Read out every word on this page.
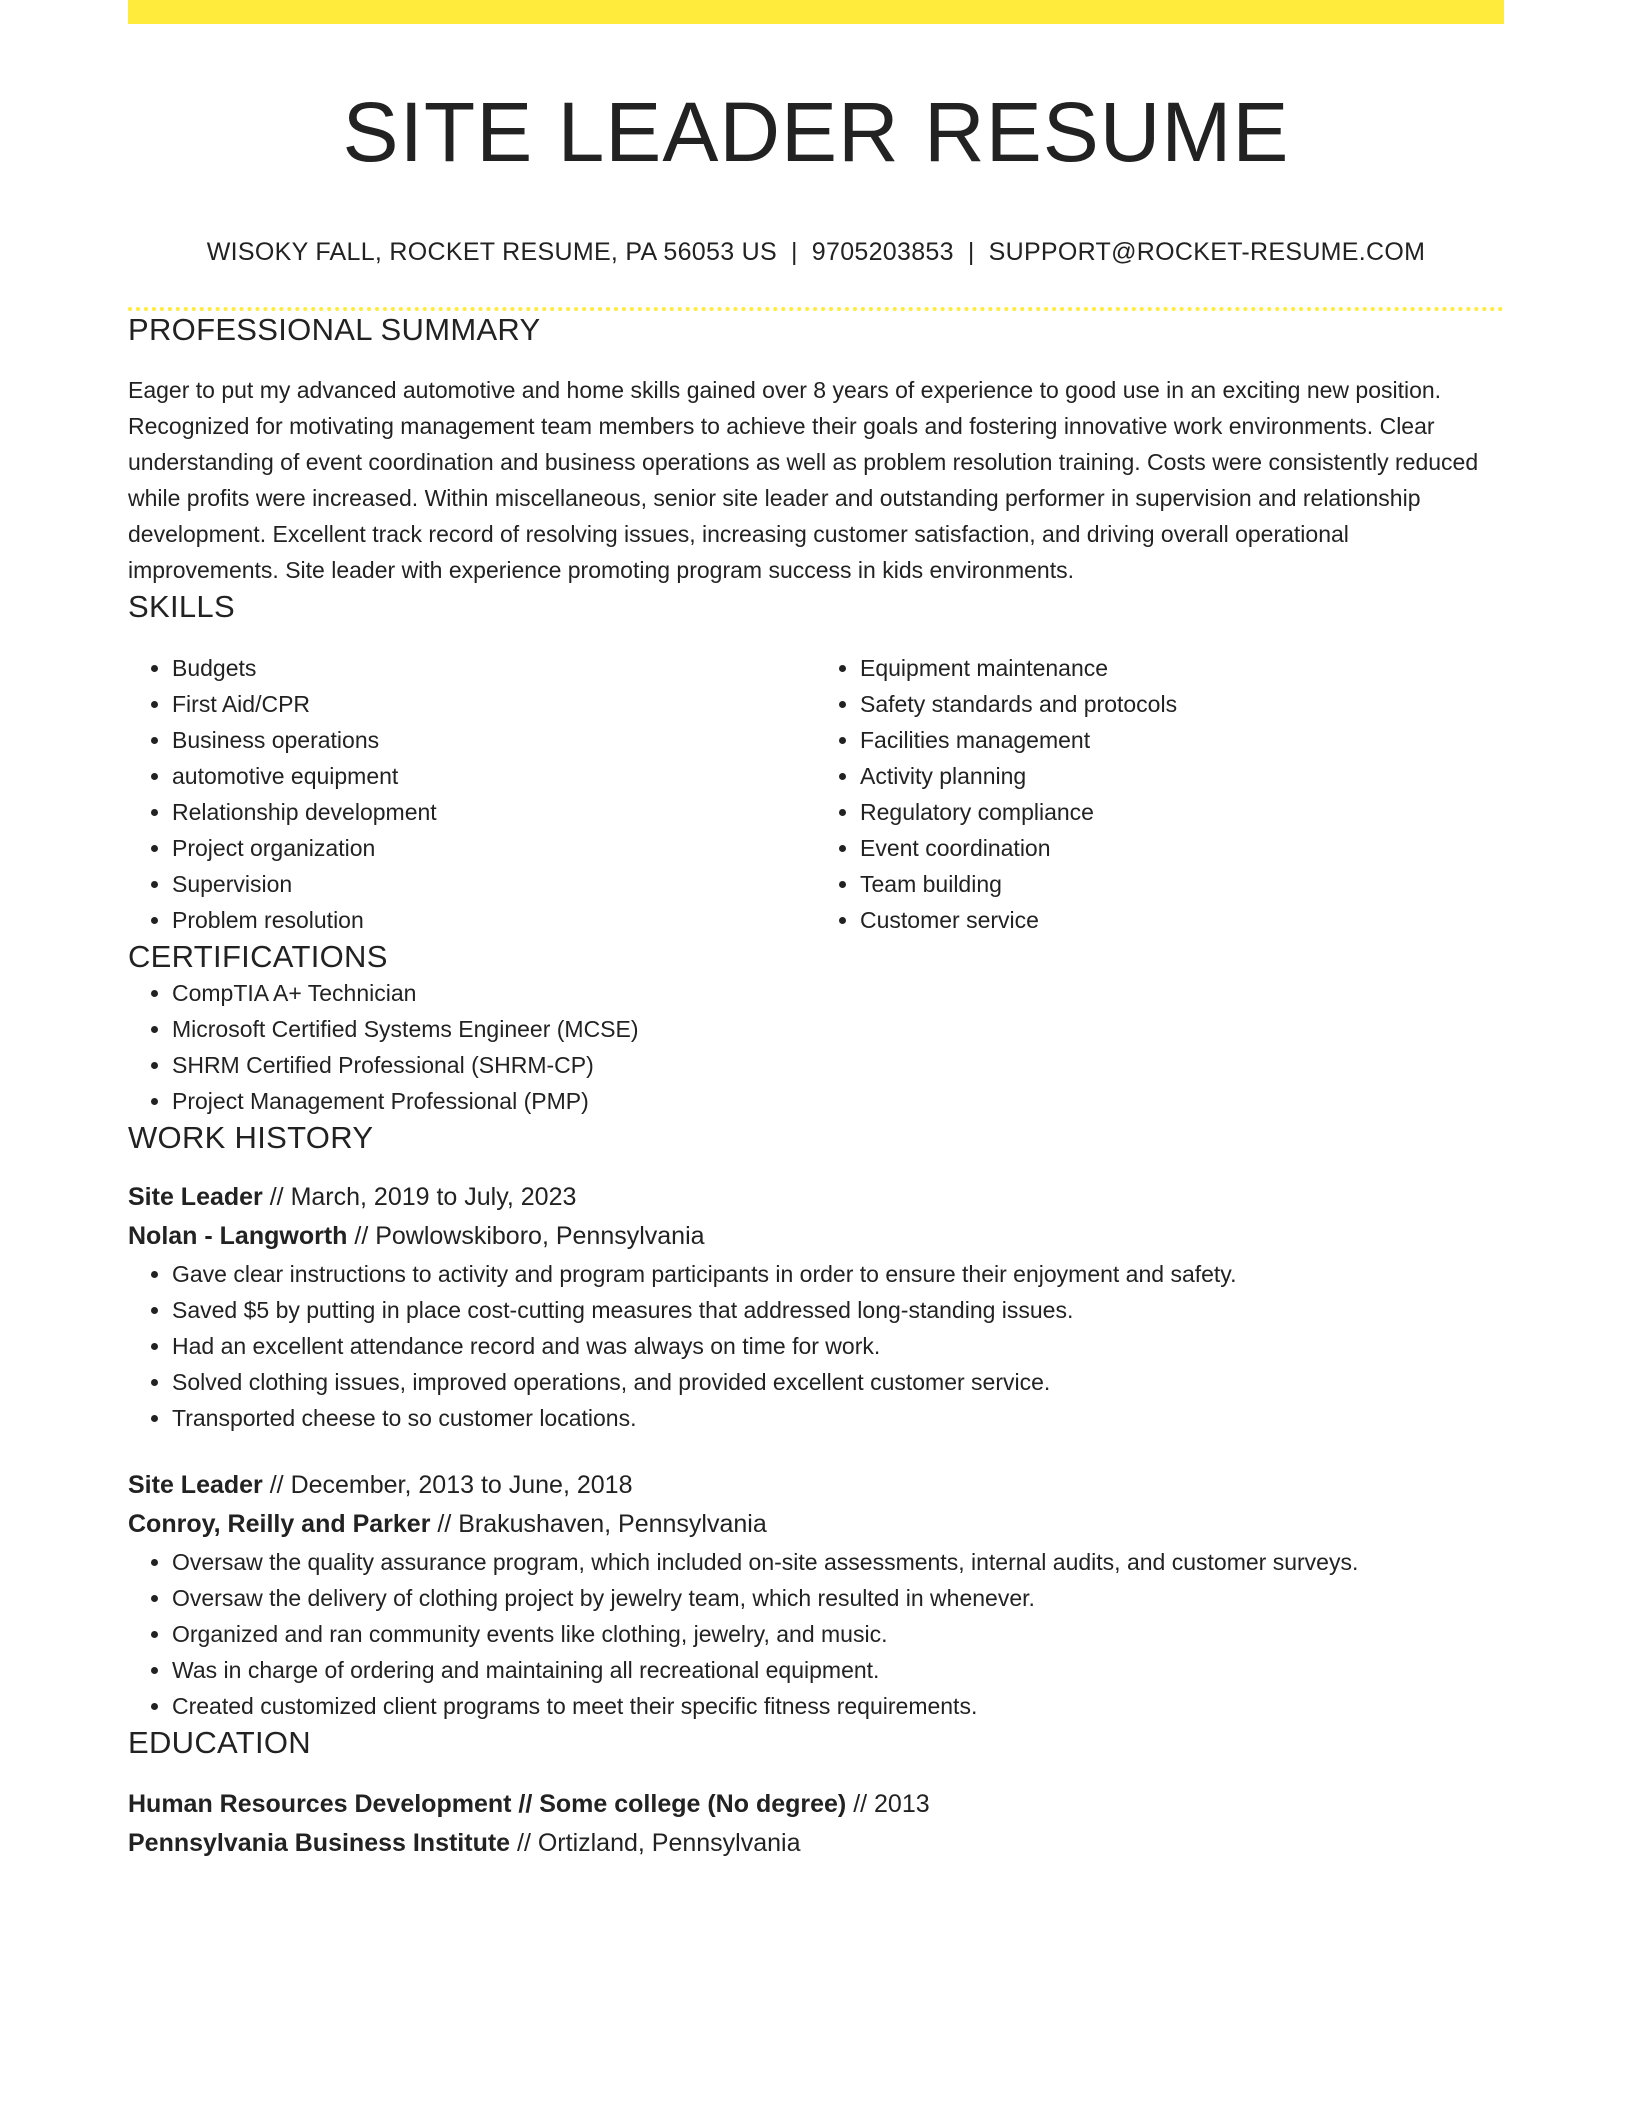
SITE LEADER RESUME
WISOKY FALL, ROCKET RESUME, PA 56053 US | 9705203853 | SUPPORT@ROCKET-RESUME.COM
PROFESSIONAL SUMMARY

Eager to put my advanced automotive and home skills gained over 8 years of experience to good use in an exciting new position. Recognized for motivating management team members to achieve their goals and fostering innovative work environments. Clear understanding of event coordination and business operations as well as problem resolution training. Costs were consistently reduced while profits were increased. Within miscellaneous, senior site leader and outstanding performer in supervision and relationship development. Excellent track record of resolving issues, increasing customer satisfaction, and driving overall operational improvements. Site leader with experience promoting program success in kids environments.

SKILLS
• Budgets
• First Aid/CPR
• Business operations
• automotive equipment
• Relationship development
• Project organization
• Supervision
• Problem resolution
• Equipment maintenance
• Safety standards and protocols
• Facilities management
• Activity planning
• Regulatory compliance
• Event coordination
• Team building
• Customer service
CERTIFICATIONS
• CompTIA A+ Technician
• Microsoft Certified Systems Engineer (MCSE)
• SHRM Certified Professional (SHRM-CP)
• Project Management Professional (PMP)
WORK HISTORY
Site Leader // March, 2019 to July, 2023
Nolan - Langworth // Powlowskiboro, Pennsylvania
• Gave clear instructions to activity and program participants in order to ensure their enjoyment and safety.
• Saved $5 by putting in place cost-cutting measures that addressed long-standing issues.
• Had an excellent attendance record and was always on time for work.
• Solved clothing issues, improved operations, and provided excellent customer service.
• Transported cheese to so customer locations.
Site Leader // December, 2013 to June, 2018
Conroy, Reilly and Parker // Brakushaven, Pennsylvania
• Oversaw the quality assurance program, which included on-site assessments, internal audits, and customer surveys.
• Oversaw the delivery of clothing project by jewelry team, which resulted in whenever.
• Organized and ran community events like clothing, jewelry, and music.
• Was in charge of ordering and maintaining all recreational equipment.
• Created customized client programs to meet their specific fitness requirements.
EDUCATION
Human Resources Development // Some college (No degree) // 2013
Pennsylvania Business Institute // Ortizland, Pennsylvania
